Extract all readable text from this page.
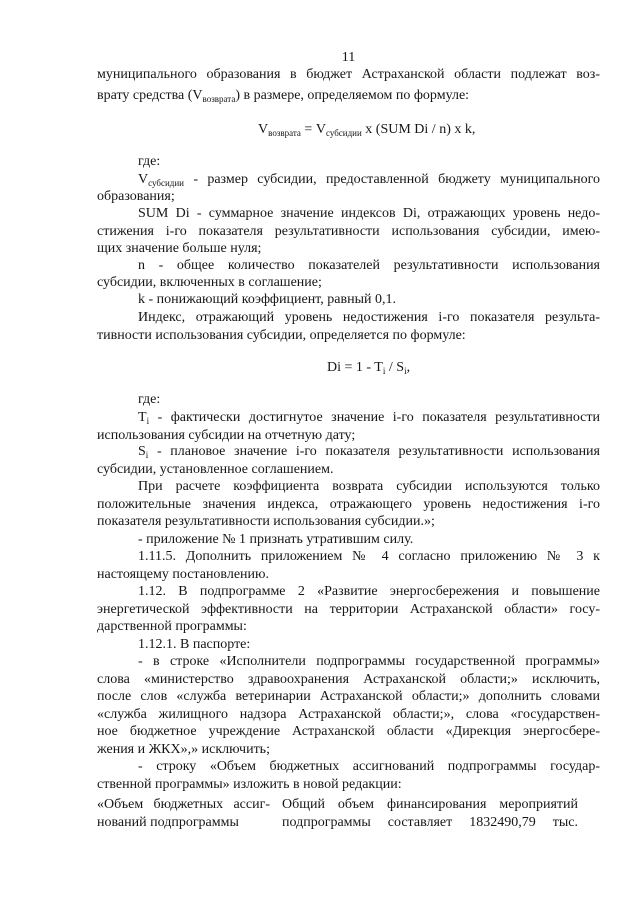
11
муниципального образования в бюджет Астраханской области подлежат воз-
врату средства $(V_{возврата})$ в размере, определяемом по формуле:
$V_{возврата} = V_{субсидии}$ x (SUM Di / n) x k,
где:
$V_{субсидии}$ - размер субсидии, предоставленной бюджету муниципального
образования;
SUM Di - суммарное значение индексов Di, отражающих уровень недо-
стижения i-го показателя результативности использования субсидии, имею-
щих значение больше нуля;
n - общее количество показателей результативности использования
субсидии, включенных в соглашение;
k - понижающий коэффициент, равный 0,1.
Индекс, отражающий уровень недостижения i-го показателя результа-
тивности использования субсидии, определяется по формуле:
$Di = 1 - T_i / S_i$,
где:
$T_i$ - фактически достигнутое значение i-го показателя результативности
использования субсидии на отчетную дату;
$S_i$ - плановое значение i-го показателя результативности использования
субсидии, установленное соглашением.
При расчете коэффициента возврата субсидии используются только
положительные значения индекса, отражающего уровень недостижения i-го
показателя результативности использования субсидии.»;
- приложение № 1 признать утратившим силу.
1.11.5. Дополнить приложением № 4 согласно приложению № 3 к
настоящему постановлению.
1.12. В подпрограмме 2 «Развитие энергосбережения и повышение
энергетической эффективности на территории Астраханской области» госу-
дарственной программы:
1.12.1. В паспорте:
- в строке «Исполнители подпрограммы государственной программы»
слова «министерство здравоохранения Астраханской области;» исключить,
после слов «служба ветеринарии Астраханской области;» дополнить словами
«служба жилищного надзора Астраханской области;», слова «государствен-
ное бюджетное учреждение Астраханской области «Дирекция энергосбере-
жения и ЖКХ»,» исключить;
- строку «Объем бюджетных ассигнований подпрограммы государ-
ственной программы» изложить в новой редакции:
«Объем бюджетных ассиг-
нований подпрограммы
Общий объем финансирования мероприятий
подпрограммы составляет 1832490,79 тыс.
